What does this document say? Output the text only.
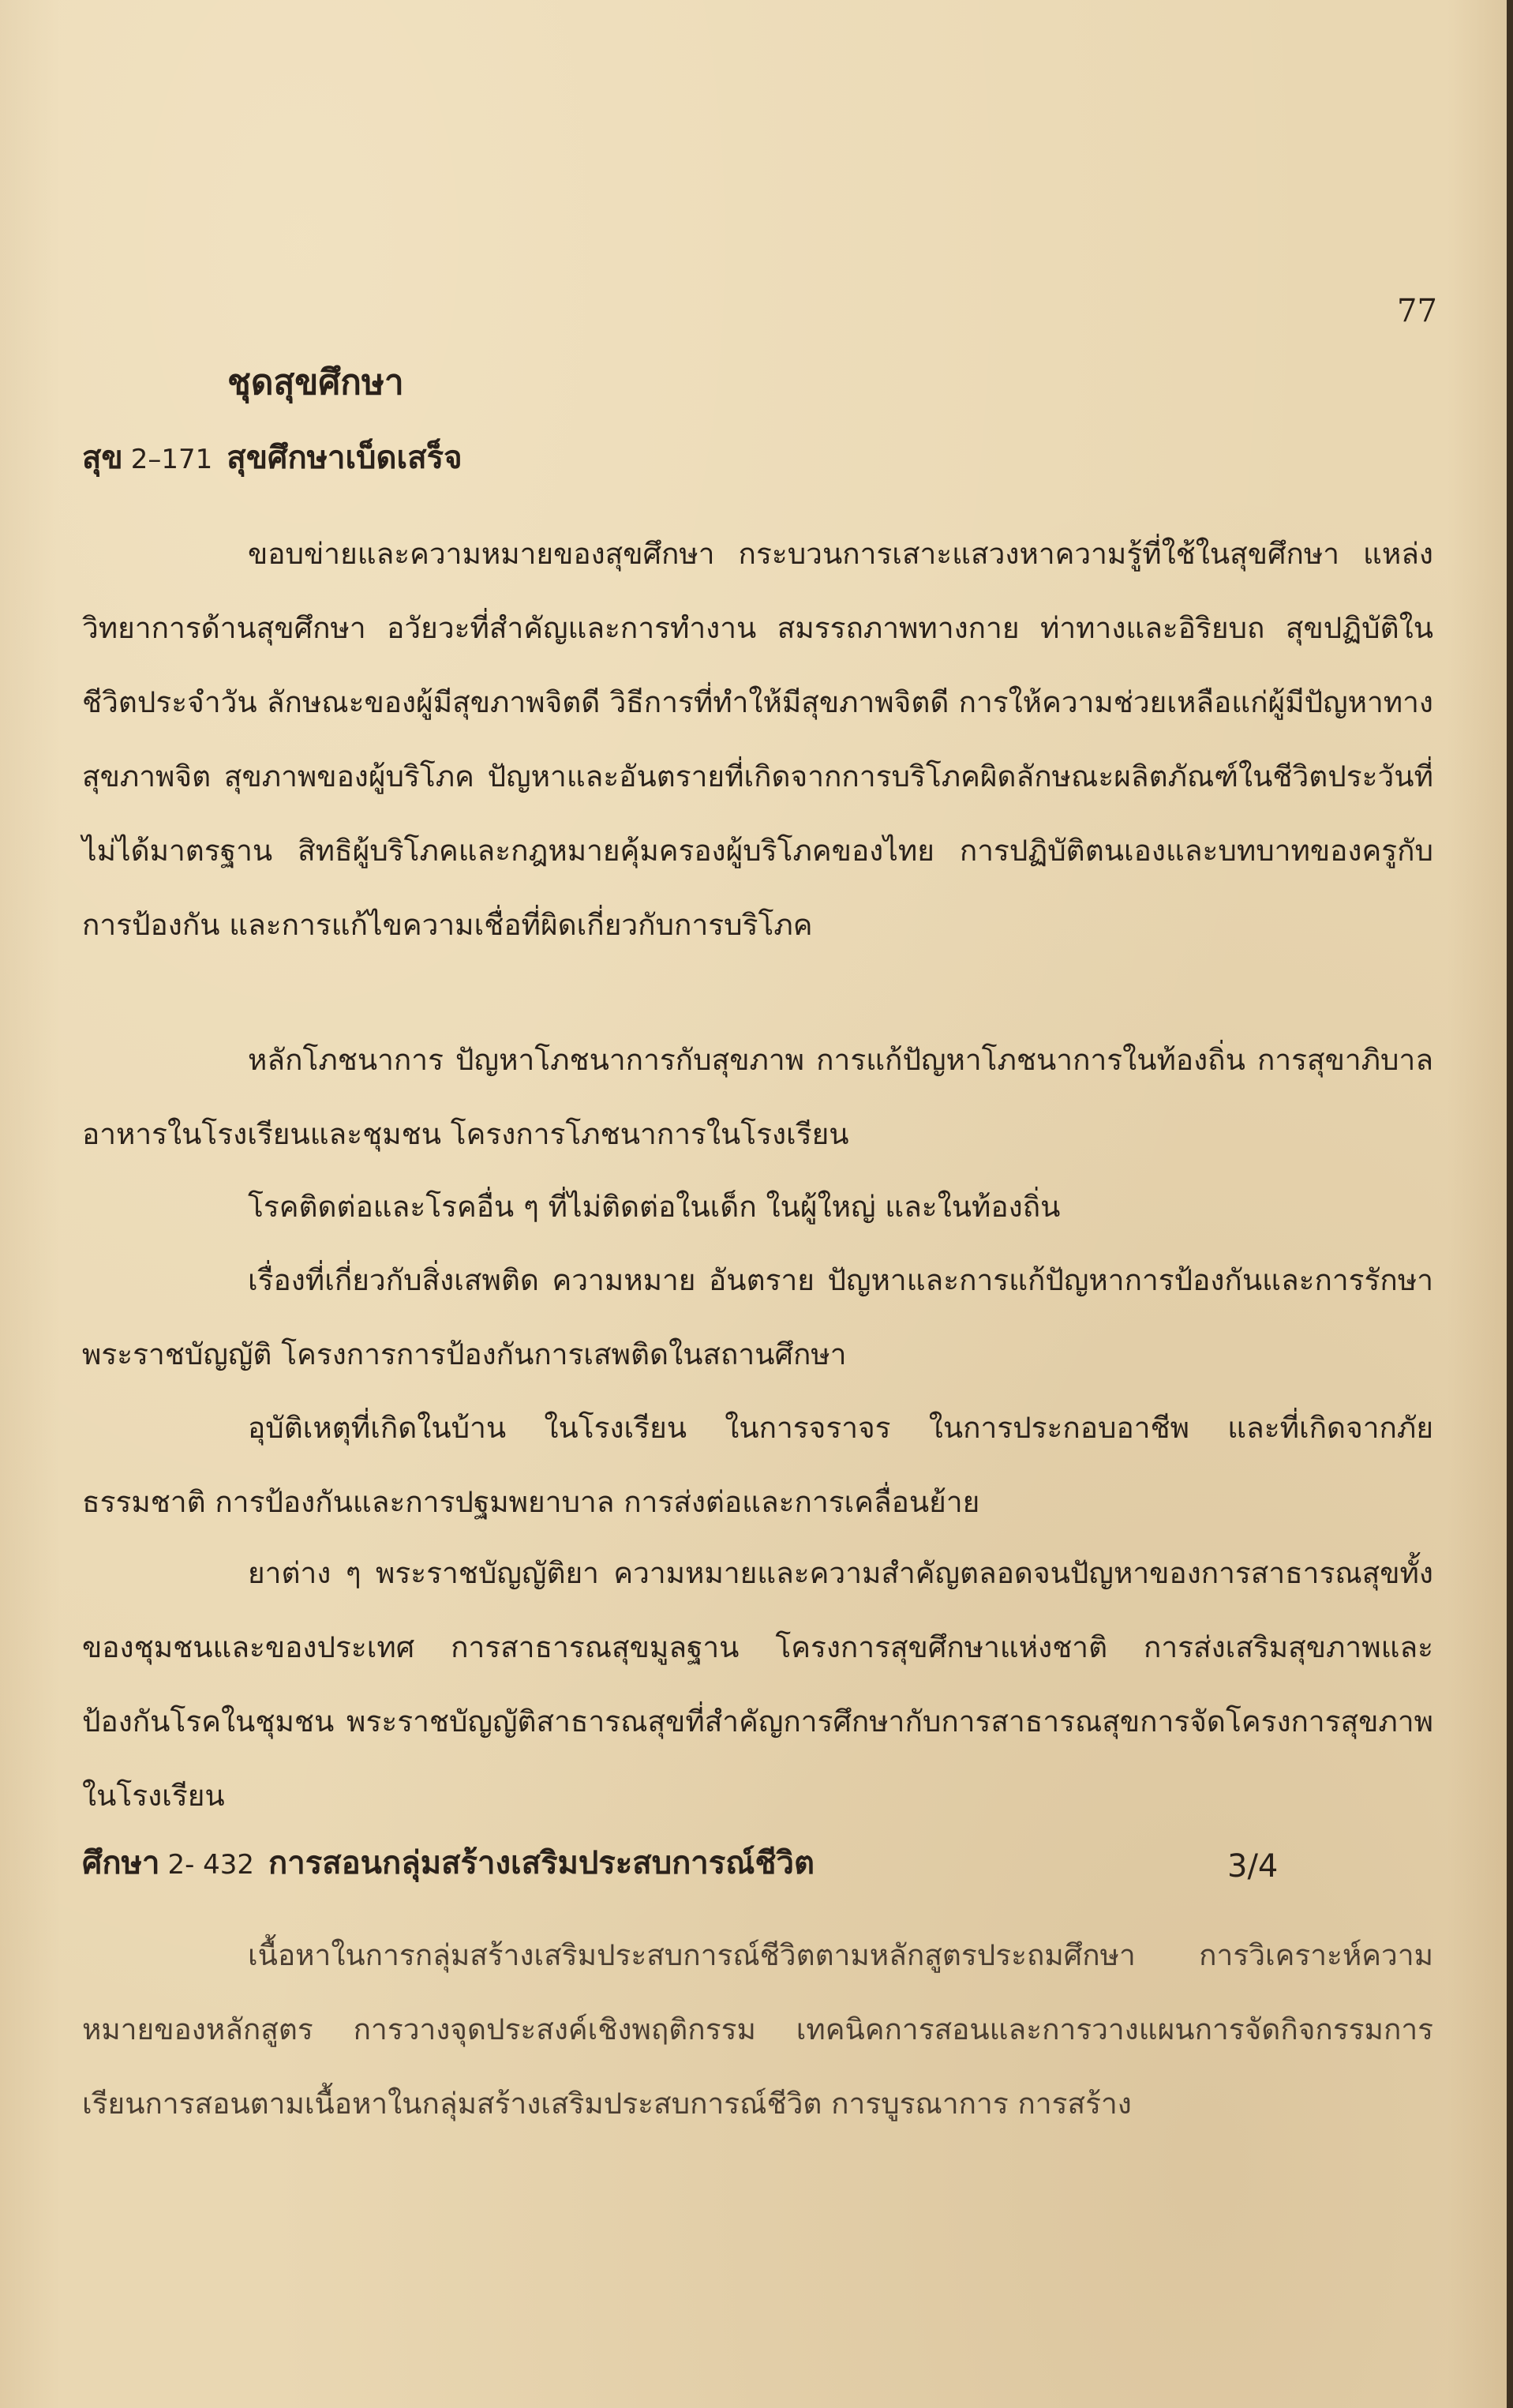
77
ชุดสุขศึกษา
สุข 2–171 สุขศึกษาเบ็ดเสร็จ

ขอบข่ายและความหมายของสุขศึกษา กระบวนการเสาะแสวงหาความรู้ที่ใช้ในสุขศึกษา แหล่งวิทยาการด้านสุขศึกษา อวัยวะที่สำคัญและการทำงาน สมรรถภาพทางกาย ท่าทางและอิริยบถ สุขปฏิบัติในชีวิตประจำวัน ลักษณะของผู้มีสุขภาพจิตดี วิธีการที่ทำให้มีสุขภาพจิตดี การให้ความช่วยเหลือแก่ผู้มีปัญหาทางสุขภาพจิต สุขภาพของผู้บริโภค ปัญหาและอันตรายที่เกิดจากการบริโภคผิดลักษณะผลิตภัณฑ์ในชีวิตประวันที่ไม่ได้มาตรฐาน สิทธิผู้บริโภคและกฎหมายคุ้มครองผู้บริโภคของไทย การปฏิบัติตนเองและบทบาทของครูกับการป้องกัน และการแก้ไขความเชื่อที่ผิดเกี่ยวกับการบริโภค

หลักโภชนาการ ปัญหาโภชนาการกับสุขภาพ การแก้ปัญหาโภชนาการในท้องถิ่น การสุขาภิบาลอาหารในโรงเรียนและชุมชน โครงการโภชนาการในโรงเรียน

โรคติดต่อและโรคอื่น ๆ ที่ไม่ติดต่อในเด็ก ในผู้ใหญ่ และในท้องถิ่น

เรื่องที่เกี่ยวกับสิ่งเสพติด ความหมาย อันตราย ปัญหาและการแก้ปัญหาการป้องกันและการรักษา พระราชบัญญัติ โครงการการป้องกันการเสพติดในสถานศึกษา

อุบัติเหตุที่เกิดในบ้าน ในโรงเรียน ในการจราจร ในการประกอบอาชีพ และที่เกิดจากภัยธรรมชาติ การป้องกันและการปฐมพยาบาล การส่งต่อและการเคลื่อนย้าย

ยาต่าง ๆ พระราชบัญญัติยา ความหมายและความสำคัญตลอดจนปัญหาของการสาธารณสุขทั้งของชุมชนและของประเทศ การสาธารณสุขมูลฐาน โครงการสุขศึกษาแห่งชาติ การส่งเสริมสุขภาพและป้องกันโรคในชุมชน พระราชบัญญัติสาธารณสุขที่สำคัญการศึกษากับการสาธารณสุขการจัดโครงการสุขภาพในโรงเรียน

ศึกษา 2- 432 การสอนกลุ่มสร้างเสริมประสบการณ์ชีวิต	3/4

เนื้อหาในการกลุ่มสร้างเสริมประสบการณ์ชีวิตตามหลักสูตรประถมศึกษา การวิเคราะห์ความหมายของหลักสูตร การวางจุดประสงค์เชิงพฤติกรรม เทคนิคการสอนและการวางแผนการจัดกิจกรรมการเรียนการสอนตามเนื้อหาในกลุ่มสร้างเสริมประสบการณ์ชีวิต การบูรณาการ การสร้าง
